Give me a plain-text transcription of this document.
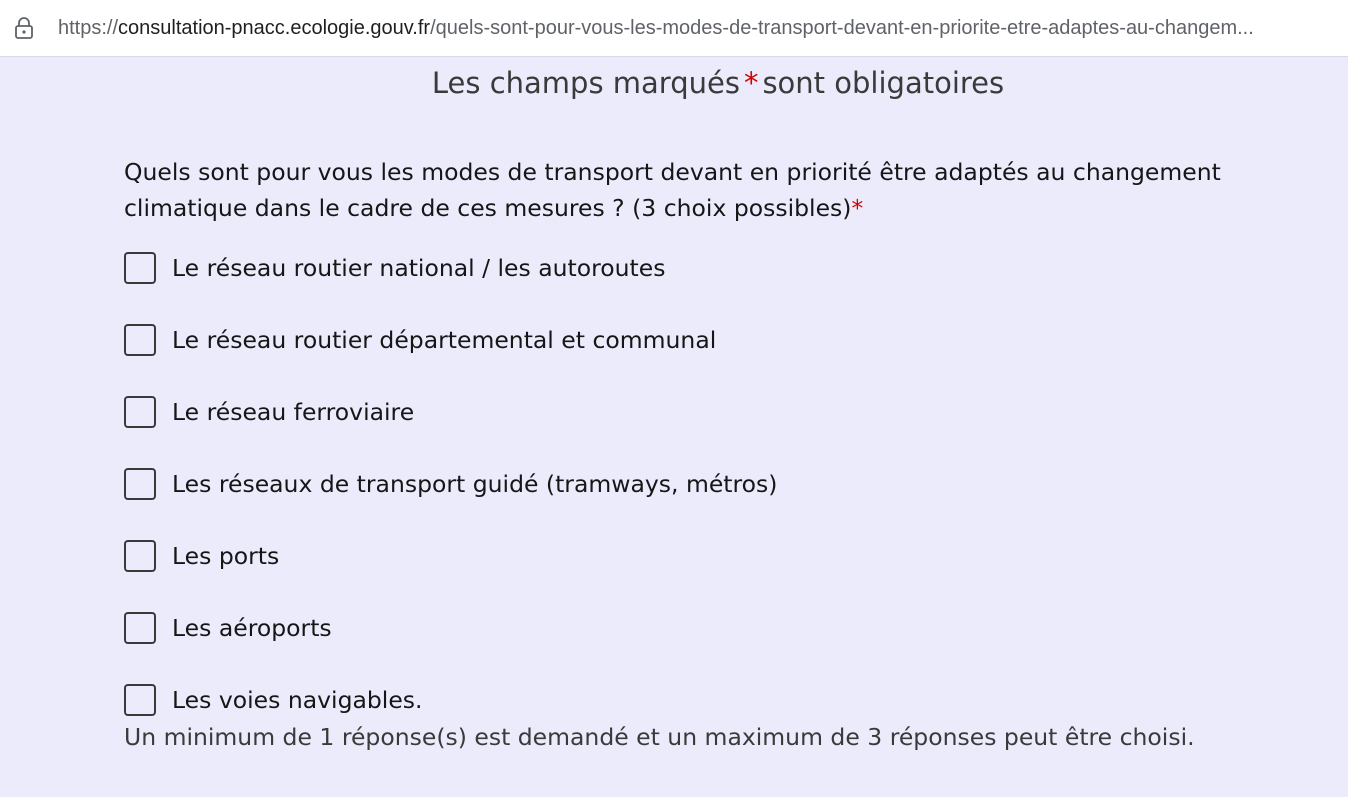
https://consultation-pnacc.ecologie.gouv.fr/quels-sont-pour-vous-les-modes-de-transport-devant-en-priorite-etre-adaptes-au-changem...
Les champs marqués * sont obligatoires
Quels sont pour vous les modes de transport devant en priorité être adaptés au changement climatique dans le cadre de ces mesures ? (3 choix possibles)*
Le réseau routier national / les autoroutes
Le réseau routier départemental et communal
Le réseau ferroviaire
Les réseaux de transport guidé (tramways, métros)
Les ports
Les aéroports
Les voies navigables.
Un minimum de 1 réponse(s) est demandé et un maximum de 3 réponses peut être choisi.
